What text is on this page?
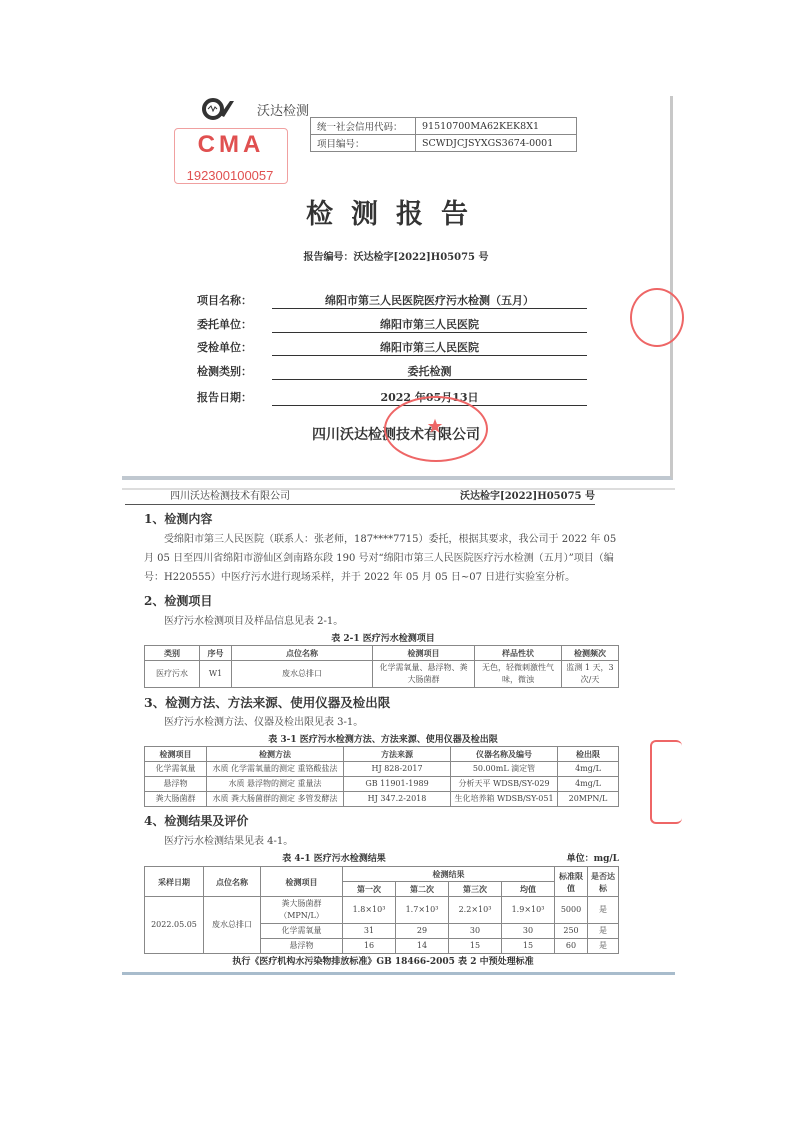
沃达检测
统一社会信用代码：	91510700MA62KEK8X1
项目编号：	SCWDJCJSYXGS3674-0001
CMA
192300100057
检测报告
报告编号：沃达检字[2022]H05075 号
项目名称：	绵阳市第三人民医院医疗污水检测（五月）
委托单位：	绵阳市第三人民医院
受检单位：	绵阳市第三人民医院
检测类别：	委托检测
报告日期：	2022 年05月13日
四川沃达检测技术有限公司
四川沃达检测技术有限公司	沃达检字[2022]H05075 号
1、检测内容

受绵阳市第三人民医院（联系人：张老师，187****7715）委托，根据其要求，我公司于 2022 年 05 月 05 日至四川省绵阳市游仙区剑南路东段 190 号对“绵阳市第三人民医院医疗污水检测（五月）”项目（编号：H220555）中医疗污水进行现场采样，并于 2022 年 05 月 05 日~07 日进行实验室分析。

2、检测项目

医疗污水检测项目及样品信息见表 2-1。

表 2-1 医疗污水检测项目
类别	序号	点位名称	检测项目	样品性状	检测频次
医疗污水	W1	废水总排口	化学需氧量、悬浮物、粪大肠菌群	无色，轻微刺激性气味，微浊	监测 1 天，3 次/天
3、检测方法、方法来源、使用仪器及检出限

医疗污水检测方法、仪器及检出限见表 3-1。

表 3-1 医疗污水检测方法、方法来源、使用仪器及检出限
检测项目	检测方法	方法来源	仪器名称及编号	检出限
化学需氧量	水质 化学需氧量的测定 重铬酸盐法	HJ 828-2017	50.00mL 滴定管	4mg/L
悬浮物	水质 悬浮物的测定 重量法	GB 11901-1989	分析天平 WDSB/SY-029	4mg/L
粪大肠菌群	水质 粪大肠菌群的测定 多管发酵法	HJ 347.2-2018	生化培养箱 WDSB/SY-051	20MPN/L
4、检测结果及评价

医疗污水检测结果见表 4-1。

表 4-1 医疗污水检测结果	单位：mg/L
采样日期	点位名称	检测项目	检测结果				标准限值	是否达标
			第一次	第二次	第三次	均值		
2022.05.05	废水总排口	粪大肠菌群（MPN/L）	1.8×10³	1.7×10³	2.2×10³	1.9×10³	5000	是
		化学需氧量	31	29	30	30	250	是
		悬浮物	16	14	15	15	60	是
执行《医疗机构水污染物排放标准》GB 18466-2005 表 2 中预处理标准
